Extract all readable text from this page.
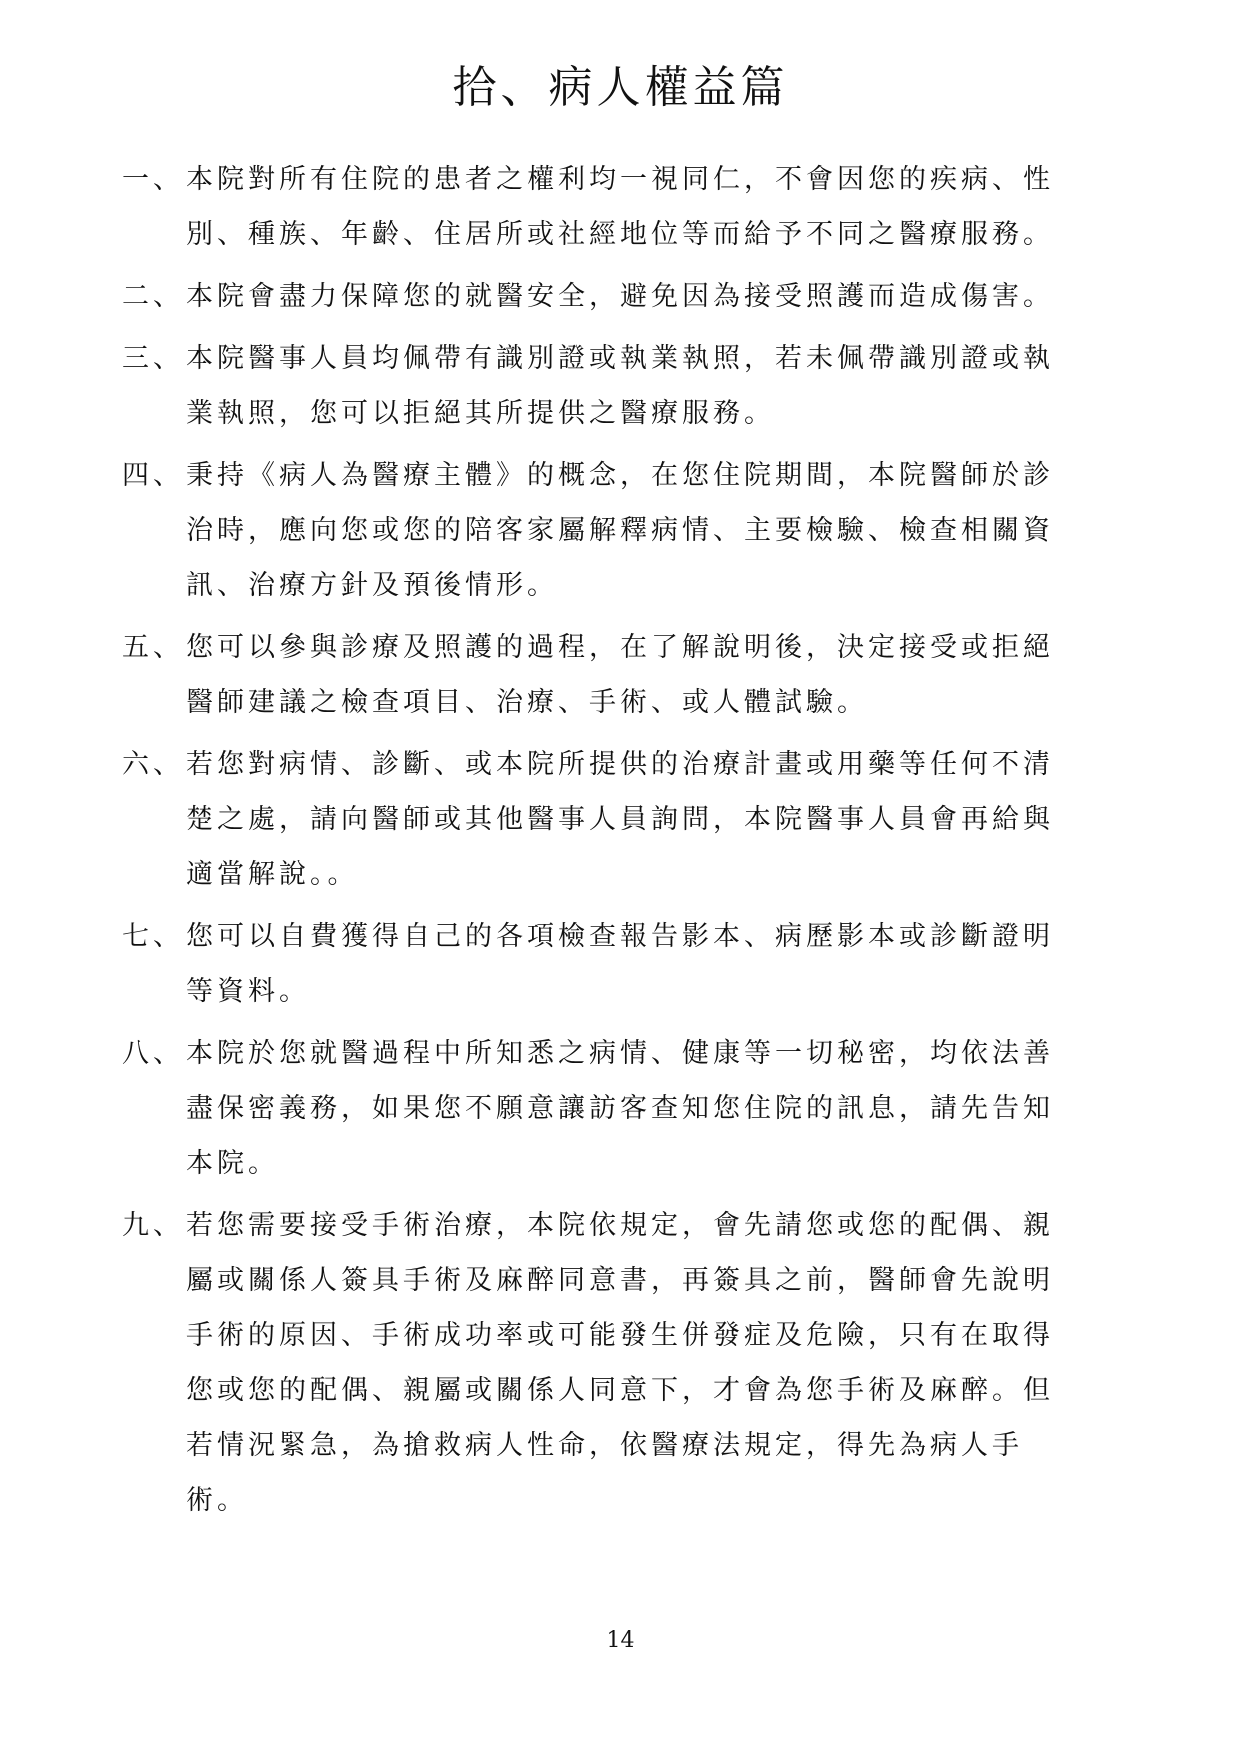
拾、病人權益篇
一、 本院對所有住院的患者之權利均一視同仁，不會因您的疾病、性
別、種族、年齡、住居所或社經地位等而給予不同之醫療服務。
二、 本院會盡力保障您的就醫安全，避免因為接受照護而造成傷害。
三、 本院醫事人員均佩帶有識別證或執業執照，若未佩帶識別證或執
業執照，您可以拒絕其所提供之醫療服務。
四、 秉持《病人為醫療主體》的概念，在您住院期間，本院醫師於診
治時，應向您或您的陪客家屬解釋病情、主要檢驗、檢查相關資
訊、治療方針及預後情形。
五、 您可以參與診療及照護的過程，在了解說明後，決定接受或拒絕
醫師建議之檢查項目、治療、手術、或人體試驗。
六、 若您對病情、診斷、或本院所提供的治療計畫或用藥等任何不清
楚之處，請向醫師或其他醫事人員詢問，本院醫事人員會再給與
適當解說。。
七、 您可以自費獲得自己的各項檢查報告影本、病歷影本或診斷證明
等資料。
八、 本院於您就醫過程中所知悉之病情、健康等一切秘密，均依法善
盡保密義務，如果您不願意讓訪客查知您住院的訊息，請先告知
本院。
九、 若您需要接受手術治療，本院依規定，會先請您或您的配偶、親
屬或關係人簽具手術及麻醉同意書，再簽具之前，醫師會先說明
手術的原因、手術成功率或可能發生併發症及危險，只有在取得
您或您的配偶、親屬或關係人同意下，才會為您手術及麻醉。但
若情況緊急，為搶救病人性命，依醫療法規定，得先為病人手
術。
14
